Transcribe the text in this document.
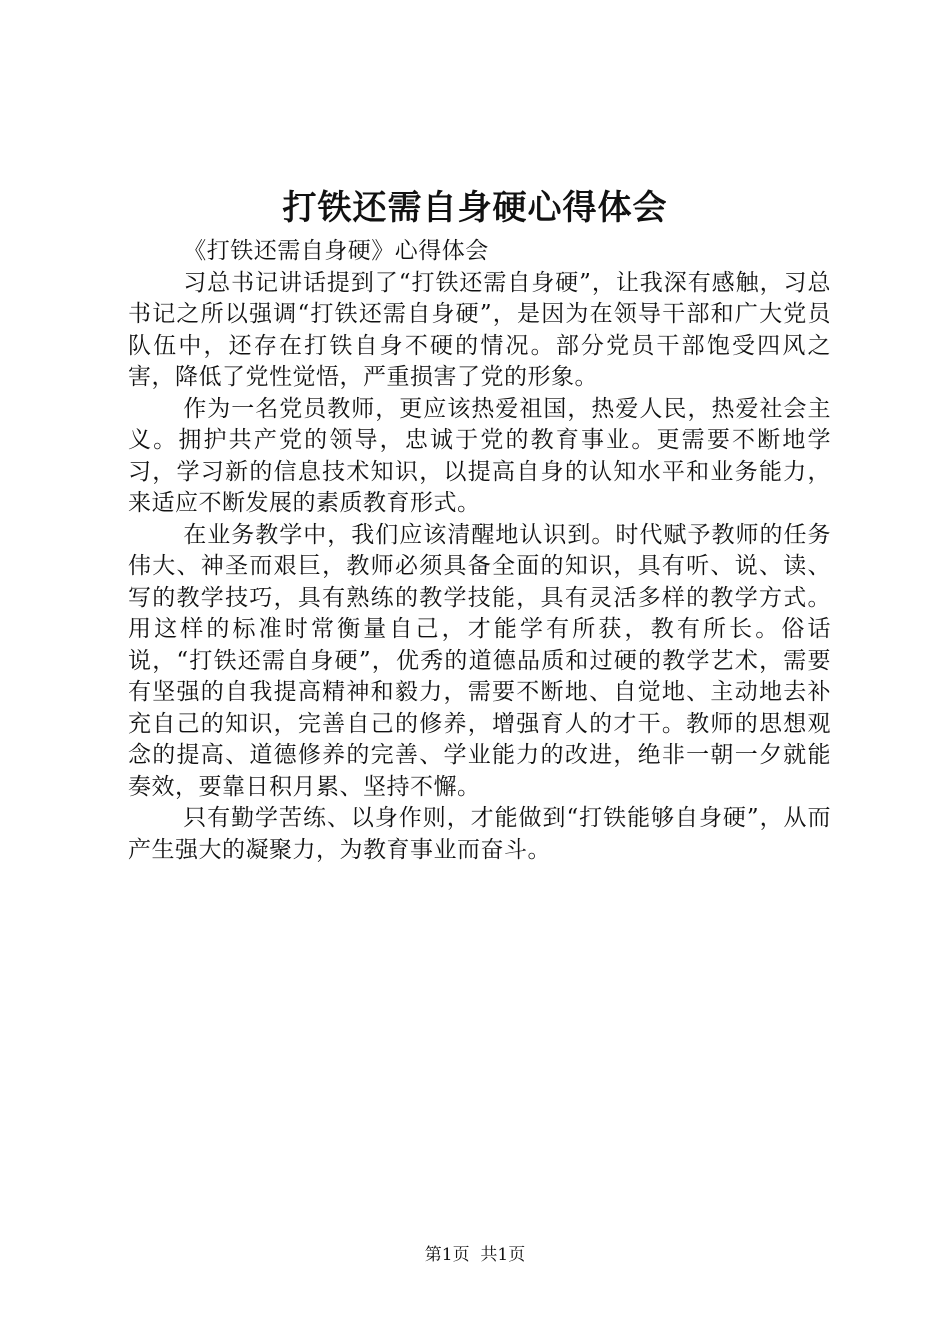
打铁还需自身硬心得体会

《打铁还需自身硬》心得体会

习总书记讲话提到了“打铁还需自身硬”，让我深有感触，习总书记之所以强调“打铁还需自身硬”，是因为在领导干部和广大党员队伍中，还存在打铁自身不硬的情况。部分党员干部饱受四风之害，降低了党性觉悟，严重损害了党的形象。

作为一名党员教师，更应该热爱祖国，热爱人民，热爱社会主义。拥护共产党的领导，忠诚于党的教育事业。更需要不断地学习，学习新的信息技术知识，以提高自身的认知水平和业务能力，来适应不断发展的素质教育形式。

在业务教学中，我们应该清醒地认识到。时代赋予教师的任务伟大、神圣而艰巨，教师必须具备全面的知识，具有听、说、读、写的教学技巧，具有熟练的教学技能，具有灵活多样的教学方式。用这样的标准时常衡量自己，才能学有所获，教有所长。俗话说，“打铁还需自身硬”，优秀的道德品质和过硬的教学艺术，需要有坚强的自我提高精神和毅力，需要不断地、自觉地、主动地去补充自己的知识，完善自己的修养，增强育人的才干。教师的思想观念的提高、道德修养的完善、学业能力的改进，绝非一朝一夕就能奏效，要靠日积月累、坚持不懈。

只有勤学苦练、以身作则，才能做到“打铁能够自身硬”，从而产生强大的凝聚力，为教育事业而奋斗。

第1页 共1页
